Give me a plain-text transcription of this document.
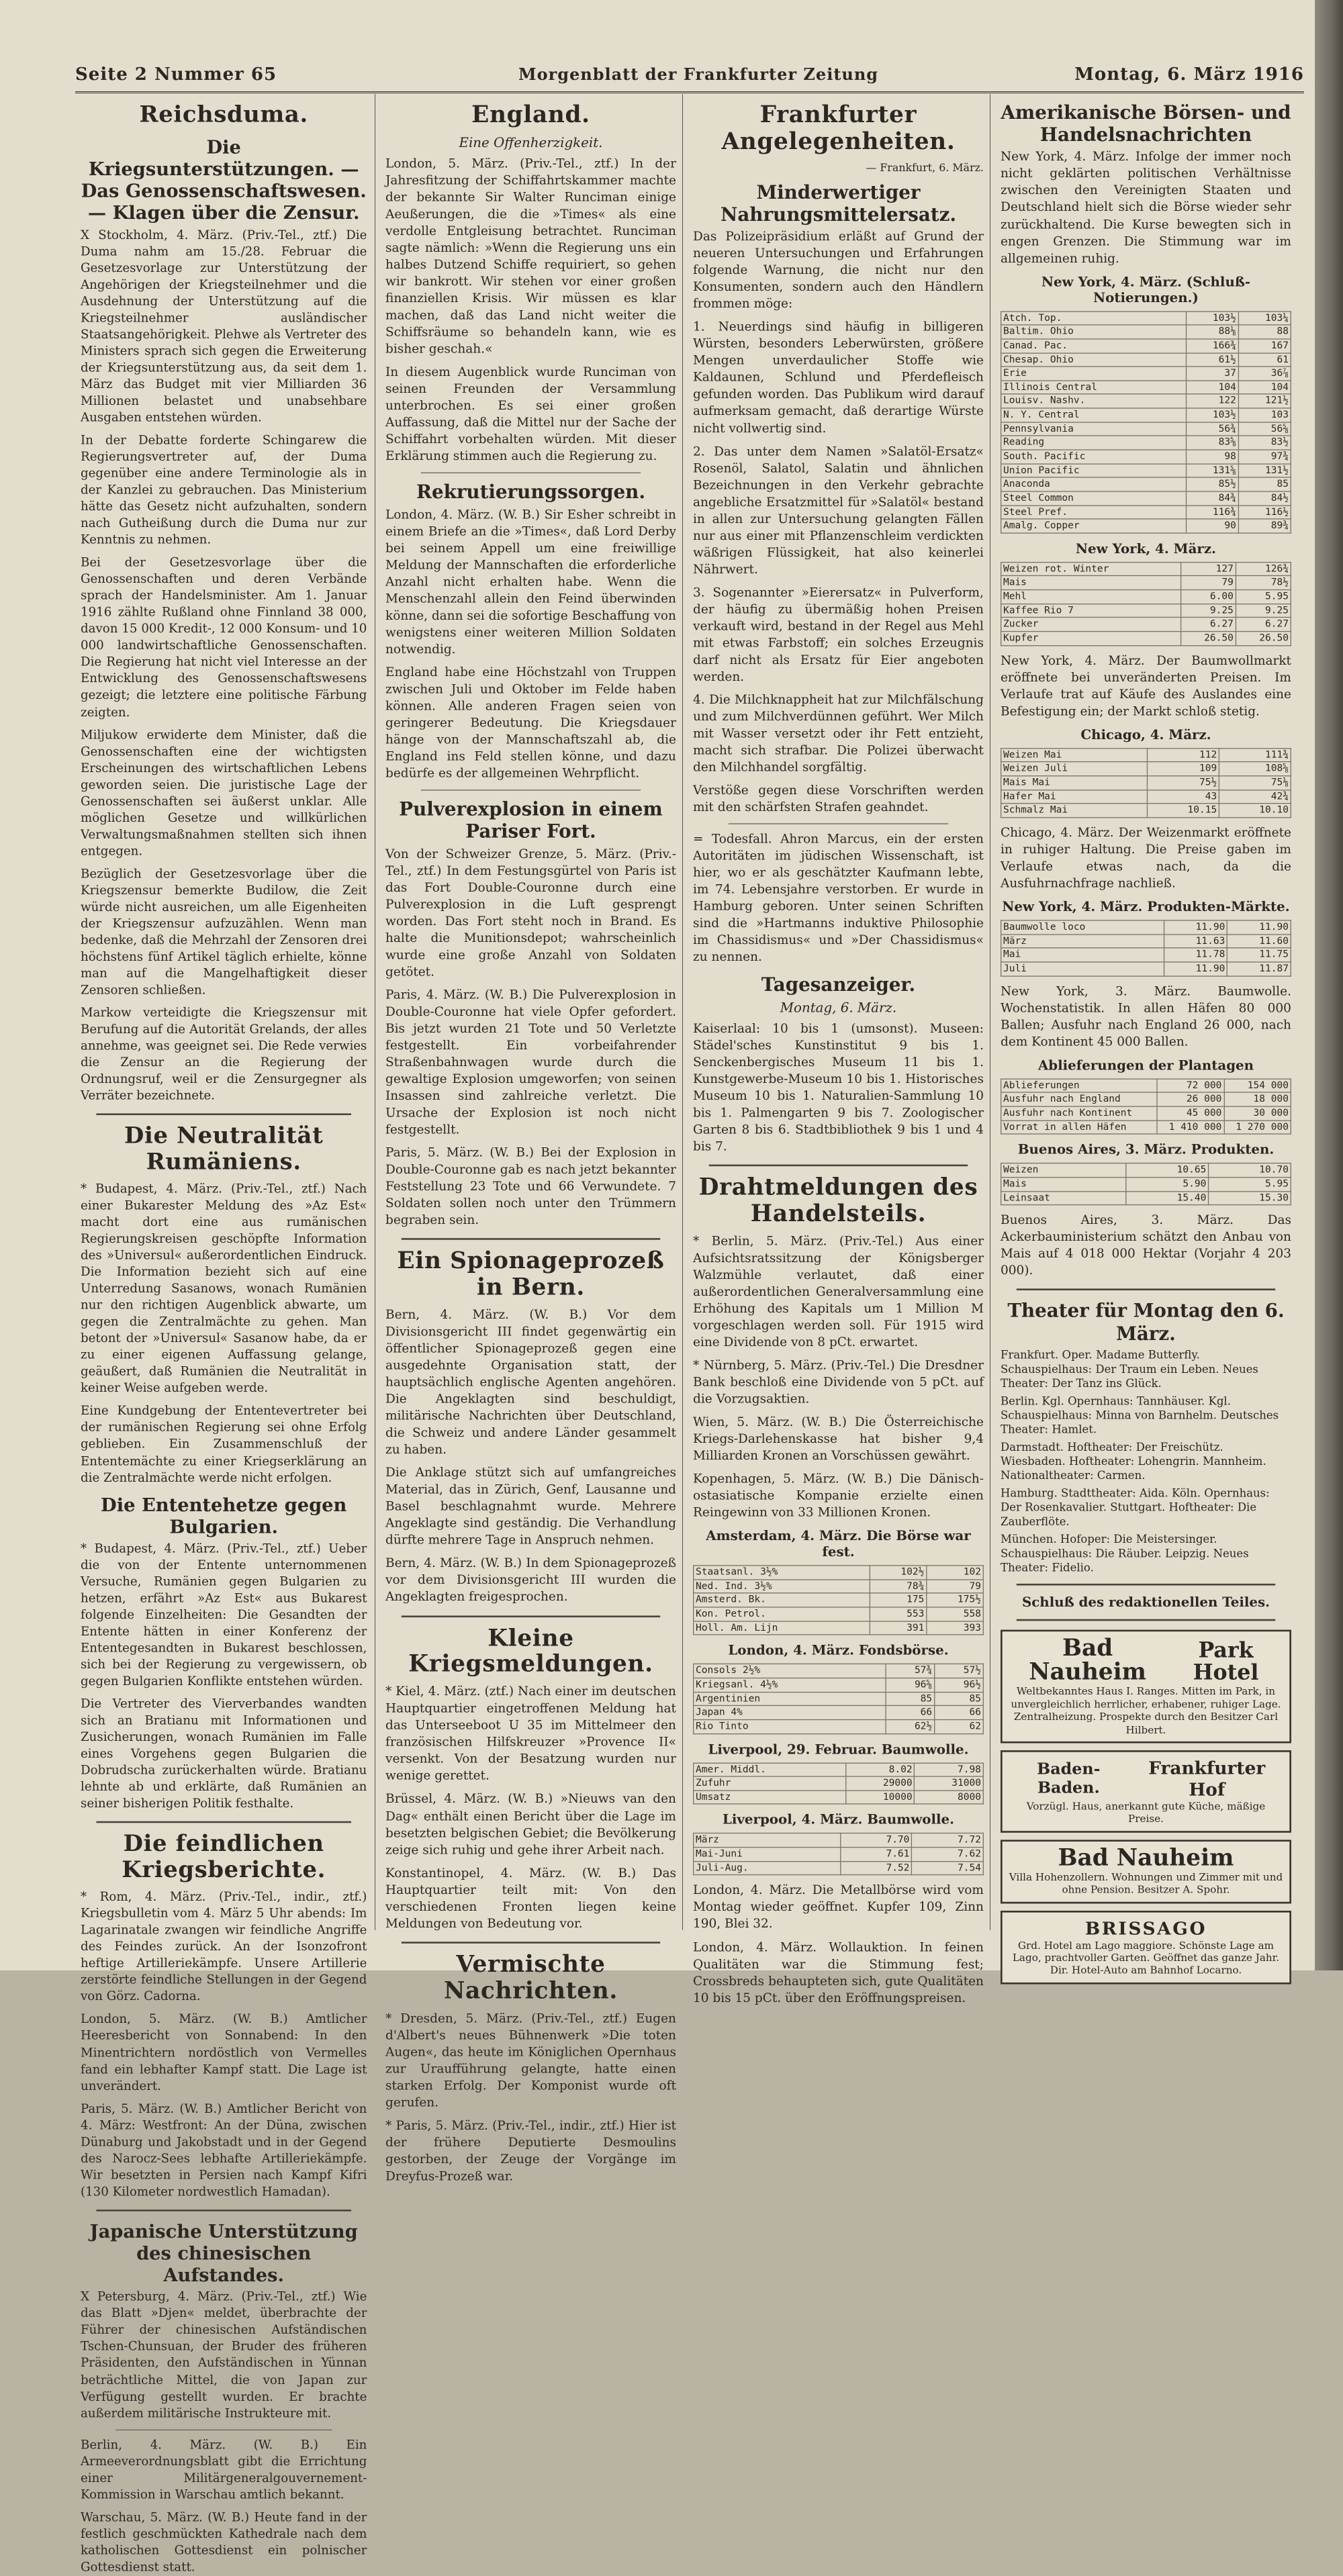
Seite 2 Nummer 65	Morgenblatt der Frankfurter Zeitung	Montag, 6. März 1916
Reichsduma.
Die Kriegsunterstützungen. — Das Genossenschaftswesen. — Klagen über die Zensur.

X Stockholm, 4. März. (Priv.-Tel., ztf.) Die Duma nahm am 15./28. Februar die Gesetzesvorlage zur Unterstützung der Angehörigen der Kriegsteilnehmer und die Ausdehnung der Unterstützung auf die Kriegsteilnehmer ausländischer Staatsangehörigkeit. Plehwe als Vertreter des Ministers sprach sich gegen die Erweiterung der Kriegsunterstützung aus, da seit dem 1. März das Budget mit vier Milliarden 36 Millionen belastet und unabsehbare Ausgaben entstehen würden.

In der Debatte forderte Schingarew die Regierungsvertreter auf, der Duma gegenüber eine andere Terminologie als in der Kanzlei zu gebrauchen. Das Ministerium hätte das Gesetz nicht aufzuhalten, sondern nach Gutheißung durch die Duma nur zur Kenntnis zu nehmen.

Bei der Gesetzesvorlage über die Genossenschaften und deren Verbände sprach der Handelsminister. Am 1. Januar 1916 zählte Rußland ohne Finnland 38 000, davon 15 000 Kredit-, 12 000 Konsum- und 10 000 landwirtschaftliche Genossenschaften. Die Regierung hat nicht viel Interesse an der Entwicklung des Genossenschaftswesens gezeigt; die letztere eine politische Färbung zeigten.

Miljukow erwiderte dem Minister, daß die Genossenschaften eine der wichtigsten Erscheinungen des wirtschaftlichen Lebens geworden seien. Die juristische Lage der Genossenschaften sei äußerst unklar. Alle möglichen Gesetze und willkürlichen Verwaltungsmaßnahmen stellten sich ihnen entgegen.

Bezüglich der Gesetzesvorlage über die Kriegszensur bemerkte Budilow, die Zeit würde nicht ausreichen, um alle Eigenheiten der Kriegszensur aufzuzählen. Wenn man bedenke, daß die Mehrzahl der Zensoren drei höchstens fünf Artikel täglich erhielte, könne man auf die Mangelhaftigkeit dieser Zensoren schließen.

Markow verteidigte die Kriegszensur mit Berufung auf die Autorität Grelands, der alles annehme, was geeignet sei. Die Rede verwies die Zensur an die Regierung der Ordnungsruf, weil er die Zensurgegner als Verräter bezeichnete.

Die Neutralität Rumäniens.

* Budapest, 4. März. (Priv.-Tel., ztf.) Nach einer Bukarester Meldung des »Az Est« macht dort eine aus rumänischen Regierungskreisen geschöpfte Information des »Universul« außerordentlichen Eindruck. Die Information bezieht sich auf eine Unterredung Sasanows, wonach Rumänien nur den richtigen Augenblick abwarte, um gegen die Zentralmächte zu gehen. Man betont der »Universul« Sasanow habe, da er zu einer eigenen Auffassung gelange, geäußert, daß Rumänien die Neutralität in keiner Weise aufgeben werde.

Eine Kundgebung der Ententevertreter bei der rumänischen Regierung sei ohne Erfolg geblieben. Ein Zusammenschluß der Ententemächte zu einer Kriegserklärung an die Zentralmächte werde nicht erfolgen.

Die Ententehetze gegen Bulgarien.

* Budapest, 4. März. (Priv.-Tel., ztf.) Ueber die von der Entente unternommenen Versuche, Rumänien gegen Bulgarien zu hetzen, erfährt »Az Est« aus Bukarest folgende Einzelheiten: Die Gesandten der Entente hätten in einer Konferenz der Ententegesandten in Bukarest beschlossen, sich bei der Regierung zu vergewissern, ob gegen Bulgarien Konflikte entstehen würden.

Die Vertreter des Vierverbandes wandten sich an Bratianu mit Informationen und Zusicherungen, wonach Rumänien im Falle eines Vorgehens gegen Bulgarien die Dobrudscha zurückerhalten würde. Bratianu lehnte ab und erklärte, daß Rumänien an seiner bisherigen Politik festhalte.

Die feindlichen Kriegsberichte.

* Rom, 4. März. (Priv.-Tel., indir., ztf.) Kriegsbulletin vom 4. März 5 Uhr abends: Im Lagarinatale zwangen wir feindliche Angriffe des Feindes zurück. An der Isonzofront heftige Artilleriekämpfe. Unsere Artillerie zerstörte feindliche Stellungen in der Gegend von Görz. Cadorna.

London, 5. März. (W. B.) Amtlicher Heeresbericht von Sonnabend: In den Minentrichtern nordöstlich von Vermelles fand ein lebhafter Kampf statt. Die Lage ist unverändert.

Paris, 5. März. (W. B.) Amtlicher Bericht von 4. März: Westfront: An der Düna, zwischen Dünaburg und Jakobstadt und in der Gegend des Narocz-Sees lebhafte Artilleriekämpfe. Wir besetzten in Persien nach Kampf Kifri (130 Kilometer nordwestlich Hamadan).

Japanische Unterstützung des chinesischen Aufstandes.

X Petersburg, 4. März. (Priv.-Tel., ztf.) Wie das Blatt »Djen« meldet, überbrachte der Führer der chinesischen Aufständischen Tschen-Chunsuan, der Bruder des früheren Präsidenten, den Aufständischen in Yünnan beträchtliche Mittel, die von Japan zur Verfügung gestellt wurden. Er brachte außerdem militärische Instrukteure mit.

Berlin, 4. März. (W. B.) Ein Armeeverordnungsblatt gibt die Errichtung einer Militärgeneralgouvernement-Kommission in Warschau amtlich bekannt.

Warschau, 5. März. (W. B.) Heute fand in der festlich geschmückten Kathedrale nach dem katholischen Gottesdienst ein polnischer Gottesdienst statt.

England.
Eine Offenherzigkeit.

London, 5. März. (Priv.-Tel., ztf.) In der Jahresfitzung der Schiffahrtskammer machte der bekannte Sir Walter Runciman einige Aeußerungen, die die »Times« als eine verdolle Entgleisung betrachtet. Runciman sagte nämlich: »Wenn die Regierung uns ein halbes Dutzend Schiffe requiriert, so gehen wir bankrott. Wir stehen vor einer großen finanziellen Krisis. Wir müssen es klar machen, daß das Land nicht weiter die Schiffsräume so behandeln kann, wie es bisher geschah.«

In diesem Augenblick wurde Runciman von seinen Freunden der Versammlung unterbrochen. Es sei einer großen Auffassung, daß die Mittel nur der Sache der Schiffahrt vorbehalten würden. Mit dieser Erklärung stimmen auch die Regierung zu.

Rekrutierungssorgen.

London, 4. März. (W. B.) Sir Esher schreibt in einem Briefe an die »Times«, daß Lord Derby bei seinem Appell um eine freiwillige Meldung der Mannschaften die erforderliche Anzahl nicht erhalten habe. Wenn die Menschenzahl allein den Feind überwinden könne, dann sei die sofortige Beschaffung von wenigstens einer weiteren Million Soldaten notwendig.

England habe eine Höchstzahl von Truppen zwischen Juli und Oktober im Felde haben können. Alle anderen Fragen seien von geringerer Bedeutung. Die Kriegsdauer hänge von der Mannschaftszahl ab, die England ins Feld stellen könne, und dazu bedürfe es der allgemeinen Wehrpflicht.

Pulverexplosion in einem Pariser Fort.

Von der Schweizer Grenze, 5. März. (Priv.-Tel., ztf.) In dem Festungsgürtel von Paris ist das Fort Double-Couronne durch eine Pulverexplosion in die Luft gesprengt worden. Das Fort steht noch in Brand. Es halte die Munitionsdepot; wahrscheinlich wurde eine große Anzahl von Soldaten getötet.

Paris, 4. März. (W. B.) Die Pulverexplosion in Double-Couronne hat viele Opfer gefordert. Bis jetzt wurden 21 Tote und 50 Verletzte festgestellt. Ein vorbeifahrender Straßenbahnwagen wurde durch die gewaltige Explosion umgeworfen; von seinen Insassen sind zahlreiche verletzt. Die Ursache der Explosion ist noch nicht festgestellt.

Paris, 5. März. (W. B.) Bei der Explosion in Double-Couronne gab es nach jetzt bekannter Feststellung 23 Tote und 66 Verwundete. 7 Soldaten sollen noch unter den Trümmern begraben sein.

Ein Spionageprozeß in Bern.

Bern, 4. März. (W. B.) Vor dem Divisionsgericht III findet gegenwärtig ein öffentlicher Spionageprozeß gegen eine ausgedehnte Organisation statt, der hauptsächlich englische Agenten angehören. Die Angeklagten sind beschuldigt, militärische Nachrichten über Deutschland, die Schweiz und andere Länder gesammelt zu haben.

Die Anklage stützt sich auf umfangreiches Material, das in Zürich, Genf, Lausanne und Basel beschlagnahmt wurde. Mehrere Angeklagte sind geständig. Die Verhandlung dürfte mehrere Tage in Anspruch nehmen.

Bern, 4. März. (W. B.) In dem Spionageprozeß vor dem Divisionsgericht III wurden die Angeklagten freigesprochen.

Kleine Kriegsmeldungen.

* Kiel, 4. März. (ztf.) Nach einer im deutschen Hauptquartier eingetroffenen Meldung hat das Unterseeboot U 35 im Mittelmeer den französischen Hilfskreuzer »Provence II« versenkt. Von der Besatzung wurden nur wenige gerettet.

Brüssel, 4. März. (W. B.) »Nieuws van den Dag« enthält einen Bericht über die Lage im besetzten belgischen Gebiet; die Bevölkerung zeige sich ruhig und gehe ihrer Arbeit nach.

Konstantinopel, 4. März. (W. B.) Das Hauptquartier teilt mit: Von den verschiedenen Fronten liegen keine Meldungen von Bedeutung vor.

Vermischte Nachrichten.

* Dresden, 5. März. (Priv.-Tel., ztf.) Eugen d'Albert's neues Bühnenwerk »Die toten Augen«, das heute im Königlichen Opernhaus zur Uraufführung gelangte, hatte einen starken Erfolg. Der Komponist wurde oft gerufen.

* Paris, 5. März. (Priv.-Tel., indir., ztf.) Hier ist der frühere Deputierte Desmoulins gestorben, der Zeuge der Vorgänge im Dreyfus-Prozeß war.

Frankfurter Angelegenheiten.
— Frankfurt, 6. März.
Minderwertiger Nahrungsmittelersatz.

Das Polizeipräsidium erläßt auf Grund der neueren Untersuchungen und Erfahrungen folgende Warnung, die nicht nur den Konsumenten, sondern auch den Händlern frommen möge:

1. Neuerdings sind häufig in billigeren Würsten, besonders Leberwürsten, größere Mengen unverdaulicher Stoffe wie Kaldaunen, Schlund und Pferdefleisch gefunden worden. Das Publikum wird darauf aufmerksam gemacht, daß derartige Würste nicht vollwertig sind.

2. Das unter dem Namen »Salatöl-Ersatz« Rosenöl, Salatol, Salatin und ähnlichen Bezeichnungen in den Verkehr gebrachte angebliche Ersatzmittel für »Salatöl« bestand in allen zur Untersuchung gelangten Fällen nur aus einer mit Pflanzenschleim verdickten wäßrigen Flüssigkeit, hat also keinerlei Nährwert.

3. Sogenannter »Eierersatz« in Pulverform, der häufig zu übermäßig hohen Preisen verkauft wird, bestand in der Regel aus Mehl mit etwas Farbstoff; ein solches Erzeugnis darf nicht als Ersatz für Eier angeboten werden.

4. Die Milchknappheit hat zur Milchfälschung und zum Milchverdünnen geführt. Wer Milch mit Wasser versetzt oder ihr Fett entzieht, macht sich strafbar. Die Polizei überwacht den Milchhandel sorgfältig.

Verstöße gegen diese Vorschriften werden mit den schärfsten Strafen geahndet.

= Todesfall. Ahron Marcus, ein der ersten Autoritäten im jüdischen Wissenschaft, ist hier, wo er als geschätzter Kaufmann lebte, im 74. Lebensjahre verstorben. Er wurde in Hamburg geboren. Unter seinen Schriften sind die »Hartmanns induktive Philosophie im Chassidismus« und »Der Chassidismus« zu nennen.

Tagesanzeiger.
Montag, 6. März.

Kaiserlaal: 10 bis 1 (umsonst). Museen: Städel'sches Kunstinstitut 9 bis 1. Senckenbergisches Museum 11 bis 1. Kunstgewerbe-Museum 10 bis 1. Historisches Museum 10 bis 1. Naturalien-Sammlung 10 bis 1. Palmengarten 9 bis 7. Zoologischer Garten 8 bis 6. Stadtbibliothek 9 bis 1 und 4 bis 7.

Drahtmeldungen des Handelsteils.

* Berlin, 5. März. (Priv.-Tel.) Aus einer Aufsichtsratssitzung der Königsberger Walzmühle verlautet, daß einer außerordentlichen Generalversammlung eine Erhöhung des Kapitals um 1 Million M vorgeschlagen werden soll. Für 1915 wird eine Dividende von 8 pCt. erwartet.

* Nürnberg, 5. März. (Priv.-Tel.) Die Dresdner Bank beschloß eine Dividende von 5 pCt. auf die Vorzugsaktien.

Wien, 5. März. (W. B.) Die Österreichische Kriegs-Darlehenskasse hat bisher 9,4 Milliarden Kronen an Vorschüssen gewährt.

Kopenhagen, 5. März. (W. B.) Die Dänisch-ostasiatische Kompanie erzielte einen Reingewinn von 33 Millionen Kronen.

Amsterdam, 4. März. Die Börse war fest.
Staatsanl. 3½%	102½	102
Ned. Ind. 3½%	78¾	79
Amsterd. Bk.	175	175½
Kon. Petrol.	553	558
Holl. Am. Lijn	391	393
London, 4. März. Fondsbörse.
Consols 2½%	57¾	57½
Kriegsanl. 4½%	96⅝	96½
Argentinien	85	85
Japan 4%	66	66
Rio Tinto	62½	62
Liverpool, 29. Februar. Baumwolle.
Amer. Middl.	8.02	7.98
Zufuhr	29000	31000
Umsatz	10000	8000
Liverpool, 4. März. Baumwolle.
März	7.70	7.72
Mai-Juni	7.61	7.62
Juli-Aug.	7.52	7.54

London, 4. März. Die Metallbörse wird vom Montag wieder geöffnet. Kupfer 109, Zinn 190, Blei 32.

London, 4. März. Wollauktion. In feinen Qualitäten war die Stimmung fest; Crossbreds behaupteten sich, gute Qualitäten 10 bis 15 pCt. über den Eröffnungspreisen.

Amerikanische Börsen- und Handelsnachrichten

New York, 4. März. Infolge der immer noch nicht geklärten politischen Verhältnisse zwischen den Vereinigten Staaten und Deutschland hielt sich die Börse wieder sehr zurückhaltend. Die Kurse bewegten sich in engen Grenzen. Die Stimmung war im allgemeinen ruhig.

New York, 4. März. (Schluß-Notierungen.)
Atch. Top.	103½	103¼
Baltim. Ohio	88⅛	88
Canad. Pac.	166¾	167
Chesap. Ohio	61½	61
Erie	37	36⅞
Illinois Central	104	104
Louisv. Nashv.	122	121½
N. Y. Central	103½	103
Pennsylvania	56¾	56⅝
Reading	83⅝	83½
South. Pacific	98	97¾
Union Pacific	131⅝	131½
Anaconda	85½	85
Steel Common	84¾	84½
Steel Pref.	116¾	116½
Amalg. Copper	90	89¾
New York, 4. März.
Weizen rot. Winter	127	126¾
Mais	79	78½
Mehl	6.00	5.95
Kaffee Rio 7	9.25	9.25
Zucker	6.27	6.27
Kupfer	26.50	26.50

New York, 4. März. Der Baumwollmarkt eröffnete bei unveränderten Preisen. Im Verlaufe trat auf Käufe des Auslandes eine Befestigung ein; der Markt schloß stetig.

Chicago, 4. März.
Weizen Mai	112	111¾
Weizen Juli	109	108⅝
Mais Mai	75½	75⅛
Hafer Mai	43	42¾
Schmalz Mai	10.15	10.10

Chicago, 4. März. Der Weizenmarkt eröffnete in ruhiger Haltung. Die Preise gaben im Verlaufe etwas nach, da die Ausfuhrnachfrage nachließ.

New York, 4. März. Produkten-Märkte.
Baumwolle loco	11.90	11.90
März	11.63	11.60
Mai	11.78	11.75
Juli	11.90	11.87

New York, 3. März. Baumwolle. Wochenstatistik. In allen Häfen 80 000 Ballen; Ausfuhr nach England 26 000, nach dem Kontinent 45 000 Ballen.

Ablieferungen der Plantagen
Ablieferungen	72 000	154 000
Ausfuhr nach England	26 000	18 000
Ausfuhr nach Kontinent	45 000	30 000
Vorrat in allen Häfen	1 410 000	1 270 000
Buenos Aires, 3. März. Produkten.
Weizen	10.65	10.70
Mais	5.90	5.95
Leinsaat	15.40	15.30

Buenos Aires, 3. März. Das Ackerbauministerium schätzt den Anbau von Mais auf 4 018 000 Hektar (Vorjahr 4 203 000).

Theater für Montag den 6. März.
Frankfurt. Oper. Madame Butterfly. Schauspielhaus: Der Traum ein Leben. Neues Theater: Der Tanz ins Glück.
Berlin. Kgl. Opernhaus: Tannhäuser. Kgl. Schauspielhaus: Minna von Barnhelm. Deutsches Theater: Hamlet.
Darmstadt. Hoftheater: Der Freischütz. Wiesbaden. Hoftheater: Lohengrin. Mannheim. Nationaltheater: Carmen.
Hamburg. Stadttheater: Aida. Köln. Opernhaus: Der Rosenkavalier. Stuttgart. Hoftheater: Die Zauberflöte.
München. Hofoper: Die Meistersinger. Schauspielhaus: Die Räuber. Leipzig. Neues Theater: Fidelio.
Schluß des redaktionellen Teiles.
Bad Nauheim
Park Hotel
Weltbekanntes Haus I. Ranges. Mitten im Park, in unvergleichlich herrlicher, erhabener, ruhiger Lage. Zentralheizung. Prospekte durch den Besitzer Carl Hilbert.
Baden-Baden.
Frankfurter Hof
Vorzügl. Haus, anerkannt gute Küche, mäßige Preise.
Bad Nauheim
Villa Hohenzollern. Wohnungen und Zimmer mit und ohne Pension. Besitzer A. Spohr.
BRISSAGO
Grd. Hotel am Lago maggiore. Schönste Lage am Lago, prachtvoller Garten. Geöffnet das ganze Jahr. Dir. Hotel-Auto am Bahnhof Locarno.
